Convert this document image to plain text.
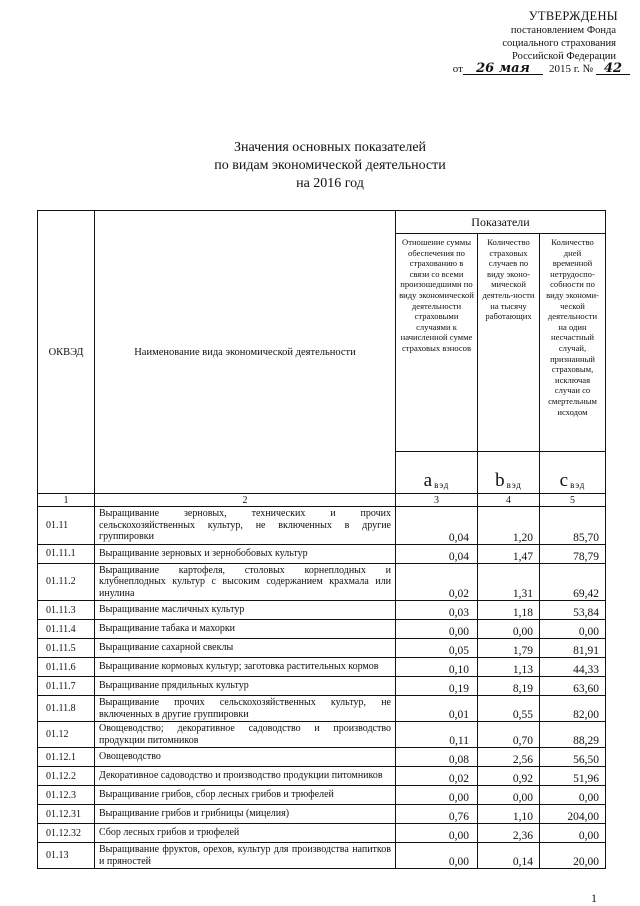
УТВЕРЖДЕНЫ
постановлением Фонда
социального страхования
Российской Федерации
от	26 мая	2015 г. № 42
Значения основных показателей
по видам экономической деятельности
на 2016 год
ОКВЭД	Наименование вида экономической деятельности	Показатели		
		Отношение суммы обеспечения по страхованию в связи со всеми произошедшими по виду экономической деятельности страховыми случаями к начисленной сумме страховых взносов	Количество страховых случаев по виду эконо-мической деятель-ности на тысячу работающих	Количество дней временной нетрудоспо-собности по виду экономи-ческой деятельности на один несчастный случай, признанный страховым, исключая случаи со смертельным исходом
		a $_{вэд}$	b $_{вэд}$	c $_{вэд}$
1	2	3	4	5
01.11	Выращивание зерновых, технических и прочих сельскохозяйственных культур, не включенных в другие группировки	0,04	1,20	85,70
01.11.1	Выращивание зерновых и зернобобовых культур	0,04	1,47	78,79
01.11.2	Выращивание картофеля, столовых корнеплодных и клубнеплодных культур с высоким содержанием крахмала или инулина	0,02	1,31	69,42
01.11.3	Выращивание масличных культур	0,03	1,18	53,84
01.11.4	Выращивание табака и махорки	0,00	0,00	0,00
01.11.5	Выращивание сахарной свеклы	0,05	1,79	81,91
01.11.6	Выращивание кормовых культур; заготовка растительных кормов	0,10	1,13	44,33
01.11.7	Выращивание прядильных культур	0,19	8,19	63,60
01.11.8	Выращивание прочих сельскохозяйственных культур, не включенных в другие группировки	0,01	0,55	82,00
01.12	Овощеводство; декоративное садоводство и производство продукции питомников	0,11	0,70	88,29
01.12.1	Овощеводство	0,08	2,56	56,50
01.12.2	Декоративное садоводство и производство продукции питомников	0,02	0,92	51,96
01.12.3	Выращивание грибов, сбор лесных грибов и трюфелей	0,00	0,00	0,00
01.12.31	Выращивание грибов и грибницы (мицелия)	0,76	1,10	204,00
01.12.32	Сбор лесных грибов и трюфелей	0,00	2,36	0,00
01.13	Выращивание фруктов, орехов, культур для производства напитков и пряностей	0,00	0,14	20,00
1
